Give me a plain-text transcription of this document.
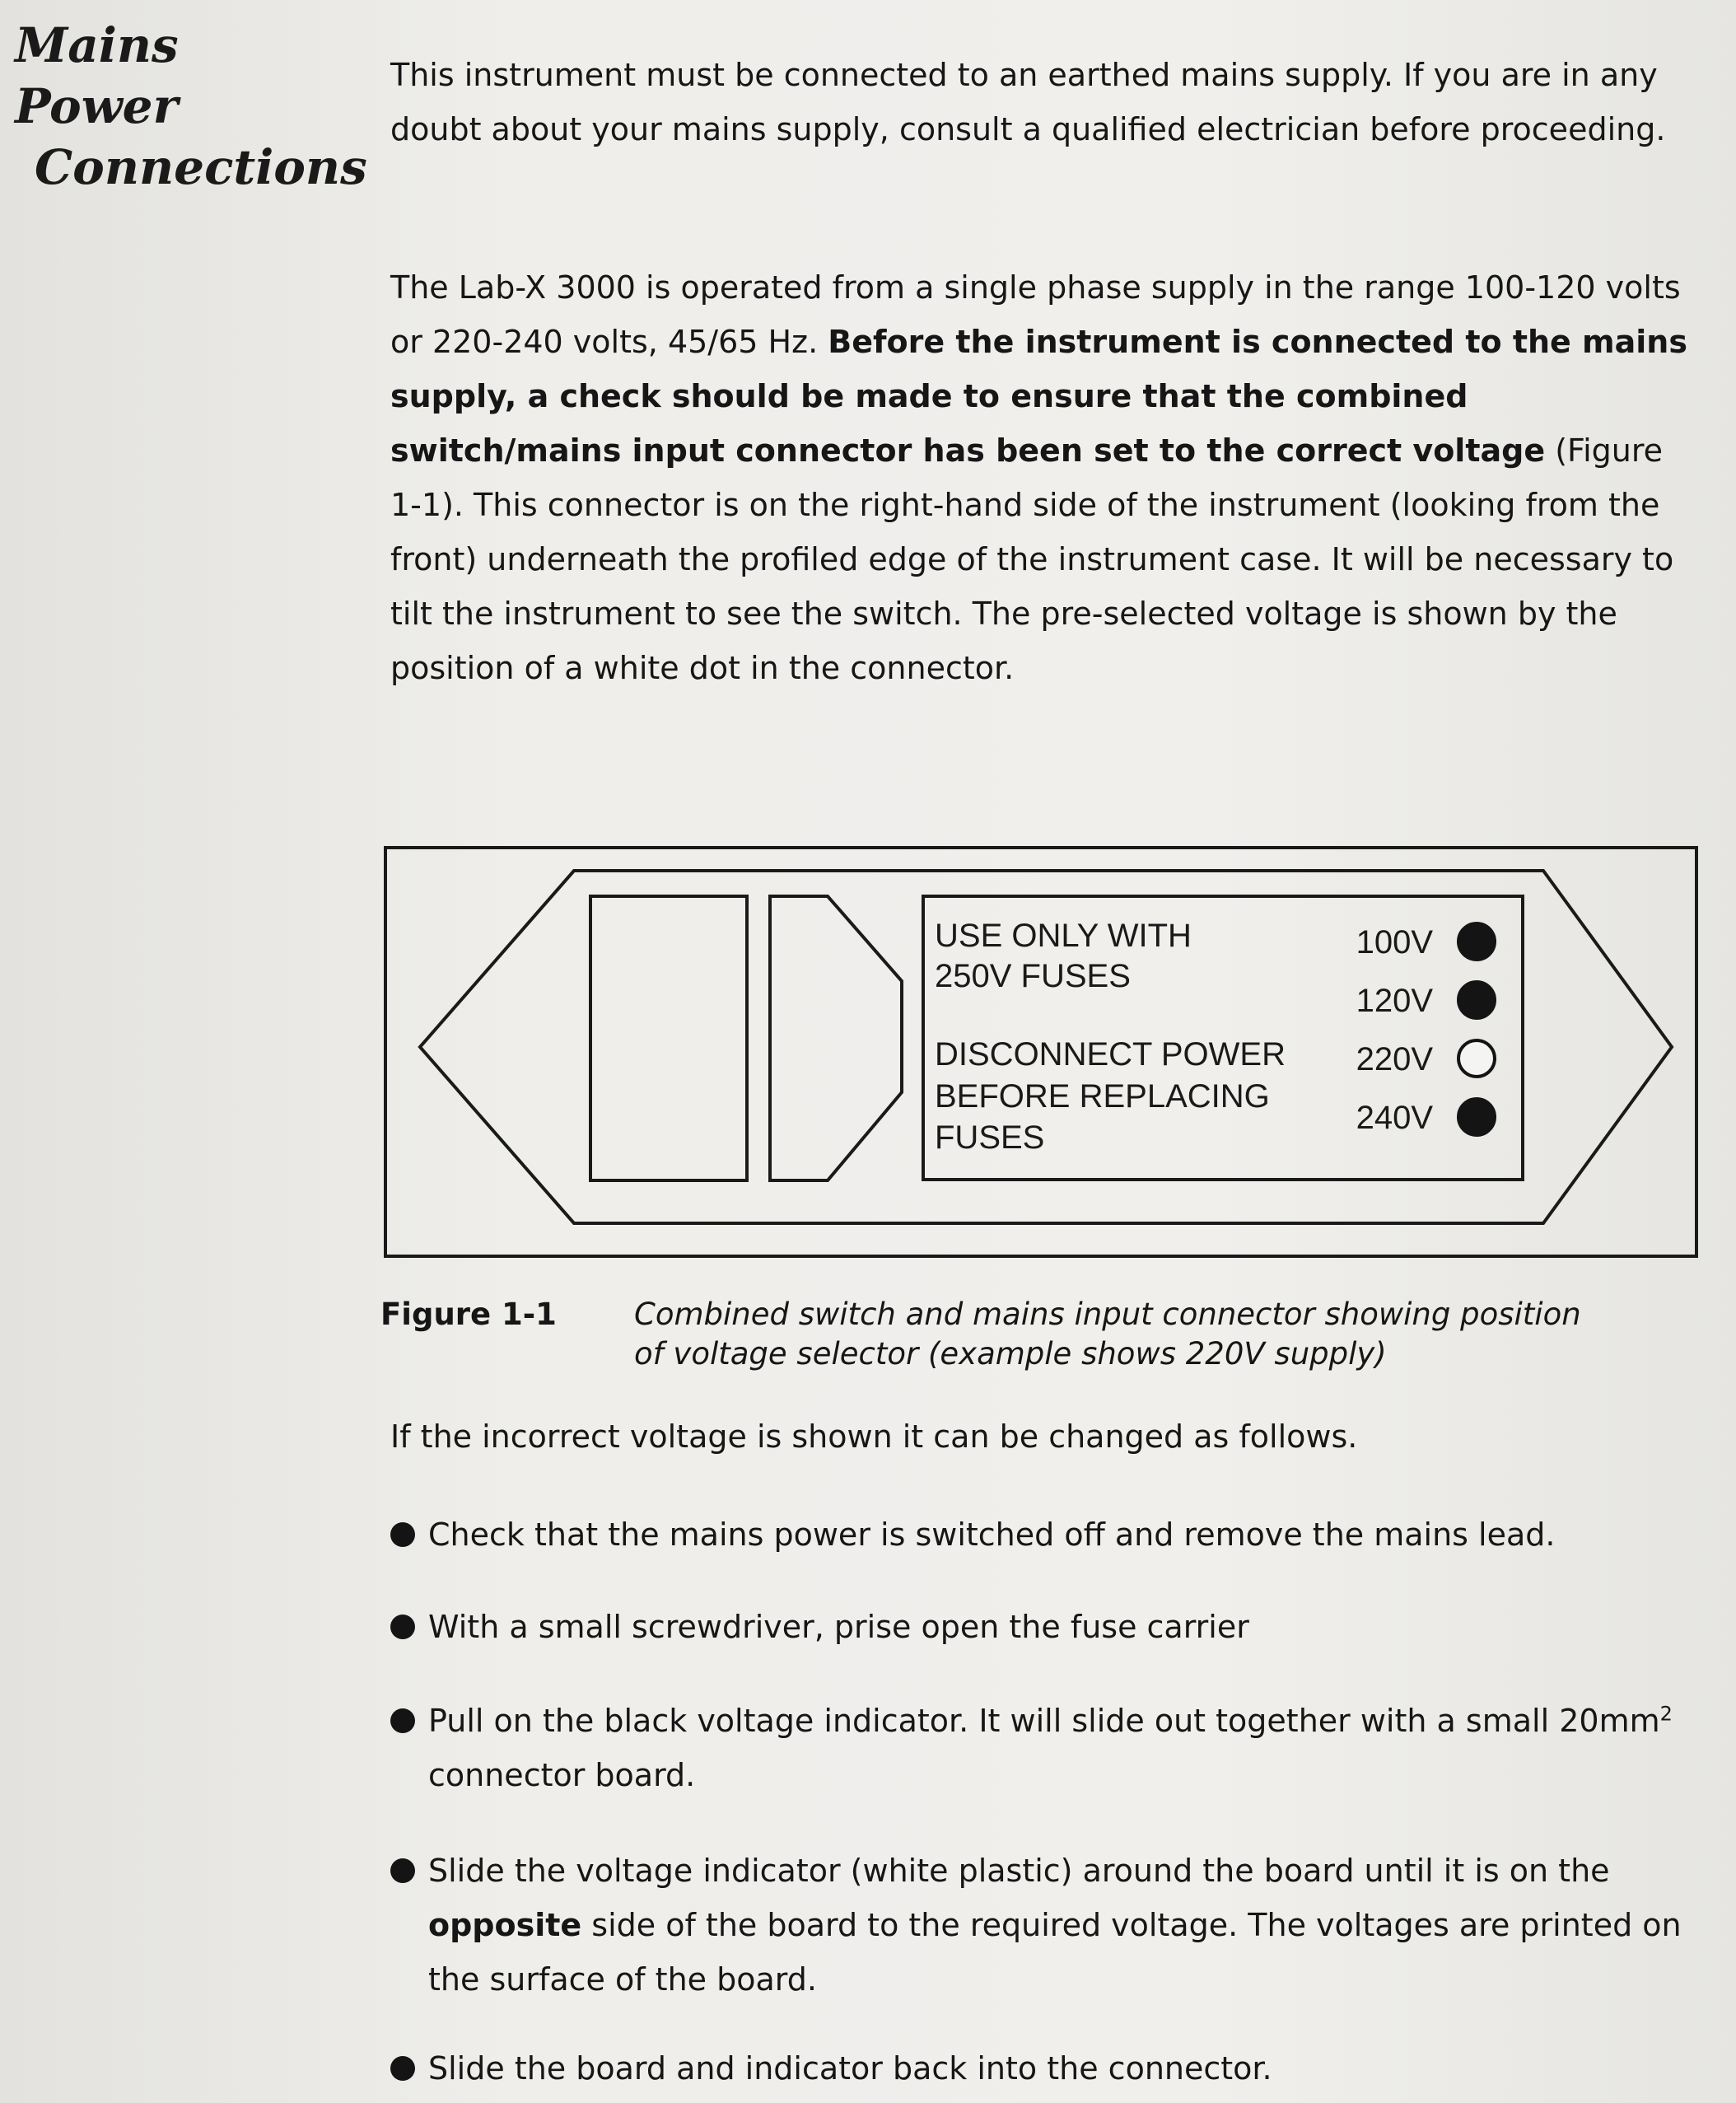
Mains Power
Connections
This instrument must be connected to an earthed mains supply. If you are in any doubt about your mains supply, consult a qualified electrician before proceeding.
The Lab-X 3000 is operated from a single phase supply in the range 100-120 volts or 220-240 volts, 45/65 Hz. Before the instrument is connected to the mains supply, a check should be made to ensure that the combined switch/mains input connector has been set to the correct voltage (Figure 1-1). This connector is on the right-hand side of the instrument (looking from the front) underneath the profiled edge of the instrument case. It will be necessary to tilt the instrument to see the switch. The pre-selected voltage is shown by the position of a white dot in the connector.
USE ONLY WITH
250V FUSES
DISCONNECT POWER
BEFORE REPLACING
FUSES
100V
120V
220V
240V
Figure 1-1	Combined switch and mains input connector showing position
of voltage selector (example shows 220V supply)
If the incorrect voltage is shown it can be changed as follows.
Check that the mains power is switched off and remove the mains lead.
With a small screwdriver, prise open the fuse carrier
Pull on the black voltage indicator. It will slide out together with a small $20mm^2$ connector board.
Slide the voltage indicator (white plastic) around the board until it is on the opposite side of the board to the required voltage. The voltages are printed on the surface of the board.
Slide the board and indicator back into the connector.
